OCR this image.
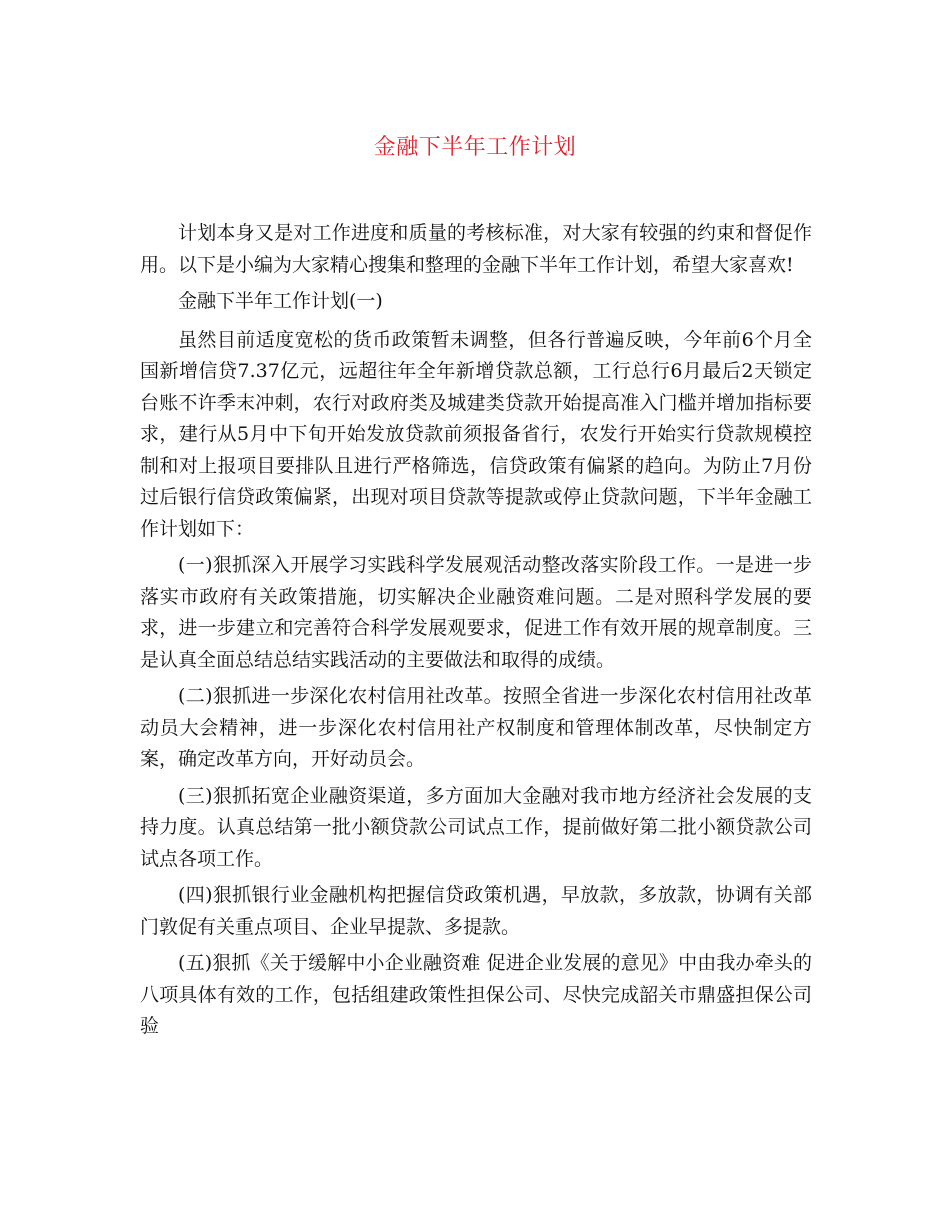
金融下半年工作计划

计划本身又是对工作进度和质量的考核标准，对大家有较强的约束和督促作用。以下是小编为大家精心搜集和整理的金融下半年工作计划，希望大家喜欢!

金融下半年工作计划(一)

虽然目前适度宽松的货币政策暂未调整，但各行普遍反映，今年前6个月全国新增信贷7.37亿元，远超往年全年新增贷款总额，工行总行6月最后2天锁定台账不许季末冲刺，农行对政府类及城建类贷款开始提高准入门槛并增加指标要求，建行从5月中下旬开始发放贷款前须报备省行，农发行开始实行贷款规模控制和对上报项目要排队且进行严格筛选，信贷政策有偏紧的趋向。为防止7月份过后银行信贷政策偏紧，出现对项目贷款等提款或停止贷款问题，下半年金融工作计划如下：

(一)狠抓深入开展学习实践科学发展观活动整改落实阶段工作。一是进一步落实市政府有关政策措施，切实解决企业融资难问题。二是对照科学发展的要求，进一步建立和完善符合科学发展观要求，促进工作有效开展的规章制度。三是认真全面总结总结实践活动的主要做法和取得的成绩。

(二)狠抓进一步深化农村信用社改革。按照全省进一步深化农村信用社改革动员大会精神，进一步深化农村信用社产权制度和管理体制改革，尽快制定方案，确定改革方向，开好动员会。

(三)狠抓拓宽企业融资渠道，多方面加大金融对我市地方经济社会发展的支持力度。认真总结第一批小额贷款公司试点工作，提前做好第二批小额贷款公司试点各项工作。

(四)狠抓银行业金融机构把握信贷政策机遇，早放款，多放款，协调有关部门敦促有关重点项目、企业早提款、多提款。

(五)狠抓《关于缓解中小企业融资难 促进企业发展的意见》中由我办牵头的八项具体有效的工作，包括组建政策性担保公司、尽快完成韶关市鼎盛担保公司验
